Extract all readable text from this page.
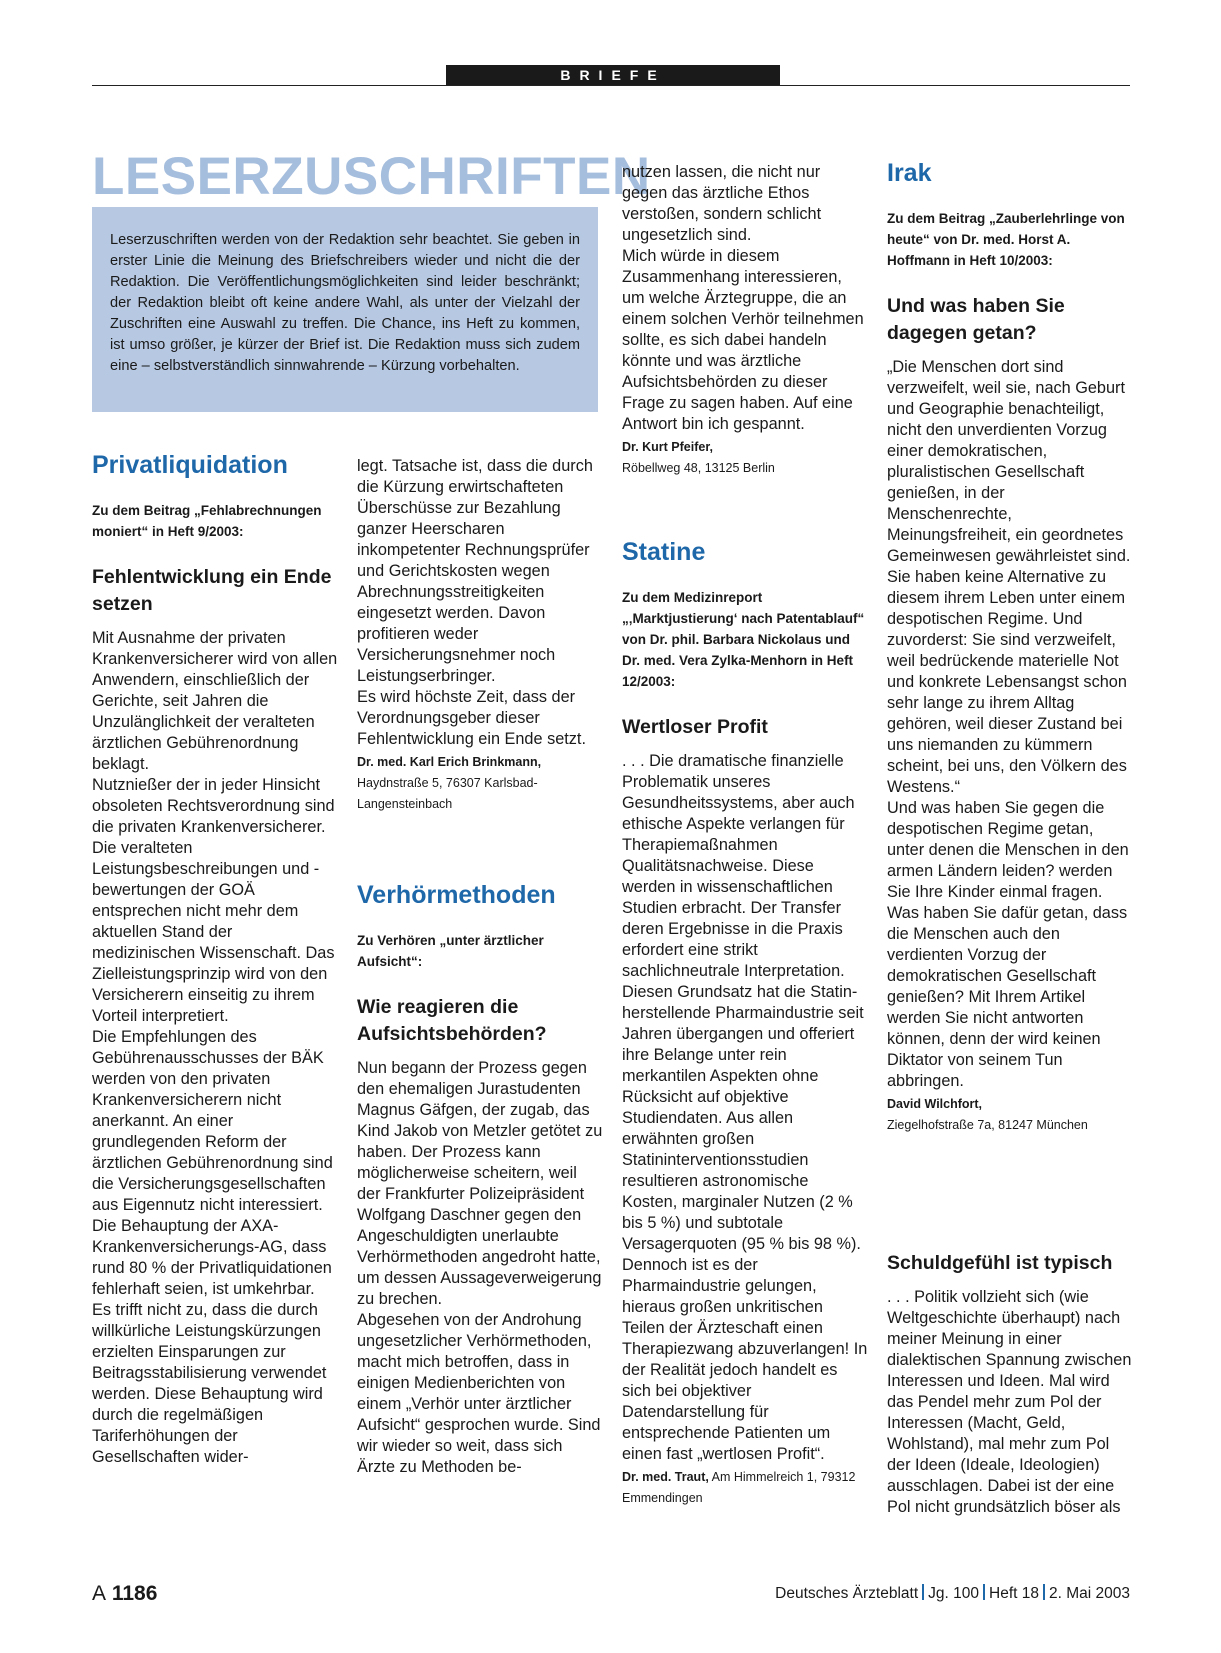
BRIEFE
LESERZUSCHRIFTEN
Leserzuschriften werden von der Redaktion sehr beachtet. Sie geben in erster Linie die Meinung des Briefschreibers wieder und nicht die der Redaktion. Die Veröffentlichungsmöglichkeiten sind leider beschränkt; der Redaktion bleibt oft keine andere Wahl, als unter der Vielzahl der Zuschriften eine Auswahl zu treffen. Die Chance, ins Heft zu kommen, ist umso größer, je kürzer der Brief ist. Die Redaktion muss sich zudem eine – selbstverständlich sinnwahrende – Kürzung vorbehalten.
Privatliquidation
Zu dem Beitrag „Fehlabrechnungen moniert“ in Heft 9/2003:
Fehlentwicklung ein Ende setzen

Mit Ausnahme der privaten Krankenversicherer wird von allen Anwendern, einschließlich der Gerichte, seit Jahren die Unzulänglichkeit der veralteten ärztlichen Gebührenordnung beklagt.

Nutznießer der in jeder Hinsicht obsoleten Rechtsverordnung sind die privaten Krankenversicherer. Die veralteten Leistungsbeschreibungen und -bewertungen der GOÄ entsprechen nicht mehr dem aktuellen Stand der medizinischen Wissenschaft. Das Zielleistungsprinzip wird von den Versicherern einseitig zu ihrem Vorteil interpretiert.

Die Empfehlungen des Gebührenausschusses der BÄK werden von den privaten Krankenversicherern nicht anerkannt. An einer grundlegenden Reform der ärztlichen Gebührenordnung sind die Versicherungsgesellschaften aus Eigennutz nicht interessiert.

Die Behauptung der AXA-Krankenversicherungs-AG, dass rund 80 % der Privatliquidationen fehlerhaft seien, ist umkehrbar. Es trifft nicht zu, dass die durch willkürliche Leistungskürzungen erzielten Einsparungen zur Beitragsstabilisierung verwendet werden. Diese Behauptung wird durch die regelmäßigen Tariferhöhungen der Gesellschaften wider-

legt. Tatsache ist, dass die durch die Kürzung erwirtschafteten Überschüsse zur Bezahlung ganzer Heerscharen inkompetenter Rechnungsprüfer und Gerichtskosten wegen Abrechnungsstreitigkeiten eingesetzt werden. Davon profitieren weder Versicherungsnehmer noch Leistungserbringer.

Es wird höchste Zeit, dass der Verordnungsgeber dieser Fehlentwicklung ein Ende setzt.

Dr. med. Karl Erich Brinkmann,
Haydnstraße 5, 76307 Karlsbad-Langensteinbach
Verhörmethoden
Zu Verhören „unter ärztlicher Aufsicht“:
Wie reagieren die Aufsichtsbehörden?

Nun begann der Prozess gegen den ehemaligen Jurastudenten Magnus Gäfgen, der zugab, das Kind Jakob von Metzler getötet zu haben. Der Prozess kann möglicherweise scheitern, weil der Frankfurter Polizeipräsident Wolfgang Daschner gegen den Angeschuldigten unerlaubte Verhörmethoden angedroht hatte, um dessen Aussageverweigerung zu brechen.

Abgesehen von der Androhung ungesetzlicher Verhörmethoden, macht mich betroffen, dass in einigen Medienberichten von einem „Verhör unter ärztlicher Aufsicht“ gesprochen wurde. Sind wir wieder so weit, dass sich Ärzte zu Methoden be-

nutzen lassen, die nicht nur gegen das ärztliche Ethos verstoßen, sondern schlicht ungesetzlich sind.

Mich würde in diesem Zusammenhang interessieren, um welche Ärztegruppe, die an einem solchen Verhör teilnehmen sollte, es sich dabei handeln könnte und was ärztliche Aufsichtsbehörden zu dieser Frage zu sagen haben. Auf eine Antwort bin ich gespannt.

Dr. Kurt Pfeifer,
Röbellweg 48, 13125 Berlin
Statine
Zu dem Medizinreport „‚Marktjustierung‘ nach Patentablauf“ von Dr. phil. Barbara Nickolaus und Dr. med. Vera Zylka-Menhorn in Heft 12/2003:
Wertloser Profit

. . . Die dramatische finanzielle Problematik unseres Gesundheitssystems, aber auch ethische Aspekte verlangen für Therapiemaßnahmen Qualitätsnachweise. Diese werden in wissenschaftlichen Studien erbracht. Der Transfer deren Ergebnisse in die Praxis erfordert eine strikt sachlichneutrale Interpretation. Diesen Grundsatz hat die Statin-herstellende Pharmaindustrie seit Jahren übergangen und offeriert ihre Belange unter rein merkantilen Aspekten ohne Rücksicht auf objektive Studiendaten. Aus allen erwähnten großen Statininterventionsstudien resultieren astronomische Kosten, marginaler Nutzen (2 % bis 5 %) und subtotale Versagerquoten (95 % bis 98 %). Dennoch ist es der Pharmaindustrie gelungen, hieraus großen unkritischen Teilen der Ärzteschaft einen Therapiezwang abzuverlangen! In der Realität jedoch handelt es sich bei objektiver Datendarstellung für entsprechende Patienten um einen fast „wertlosen Profit“.

Dr. med. Traut, Am Himmelreich 1, 79312 Emmendingen
Irak
Zu dem Beitrag „Zauberlehrlinge von heute“ von Dr. med. Horst A. Hoffmann in Heft 10/2003:
Und was haben Sie dagegen getan?

„Die Menschen dort sind verzweifelt, weil sie, nach Geburt und Geographie benachteiligt, nicht den unverdienten Vorzug einer demokratischen, pluralistischen Gesellschaft genießen, in der Menschenrechte, Meinungsfreiheit, ein geordnetes Gemeinwesen gewährleistet sind. Sie haben keine Alternative zu diesem ihrem Leben unter einem despotischen Regime. Und zuvorderst: Sie sind verzweifelt, weil bedrückende materielle Not und konkrete Lebensangst schon sehr lange zu ihrem Alltag gehören, weil dieser Zustand bei uns niemanden zu kümmern scheint, bei uns, den Völkern des Westens.“

Und was haben Sie gegen die despotischen Regime getan, unter denen die Menschen in den armen Ländern leiden? werden Sie Ihre Kinder einmal fragen. Was haben Sie dafür getan, dass die Menschen auch den verdienten Vorzug der demokratischen Gesellschaft genießen? Mit Ihrem Artikel werden Sie nicht antworten können, denn der wird keinen Diktator von seinem Tun abbringen.

David Wilchfort,
Ziegelhofstraße 7a, 81247 München
Schuldgefühl ist typisch

. . . Politik vollzieht sich (wie Weltgeschichte überhaupt) nach meiner Meinung in einer dialektischen Spannung zwischen Interessen und Ideen. Mal wird das Pendel mehr zum Pol der Interessen (Macht, Geld, Wohlstand), mal mehr zum Pol der Ideen (Ideale, Ideologien) ausschlagen. Dabei ist der eine Pol nicht grundsätzlich böser als

A 1186	Deutsches Ärzteblatt Jg. 100 Heft 18 2. Mai 2003
